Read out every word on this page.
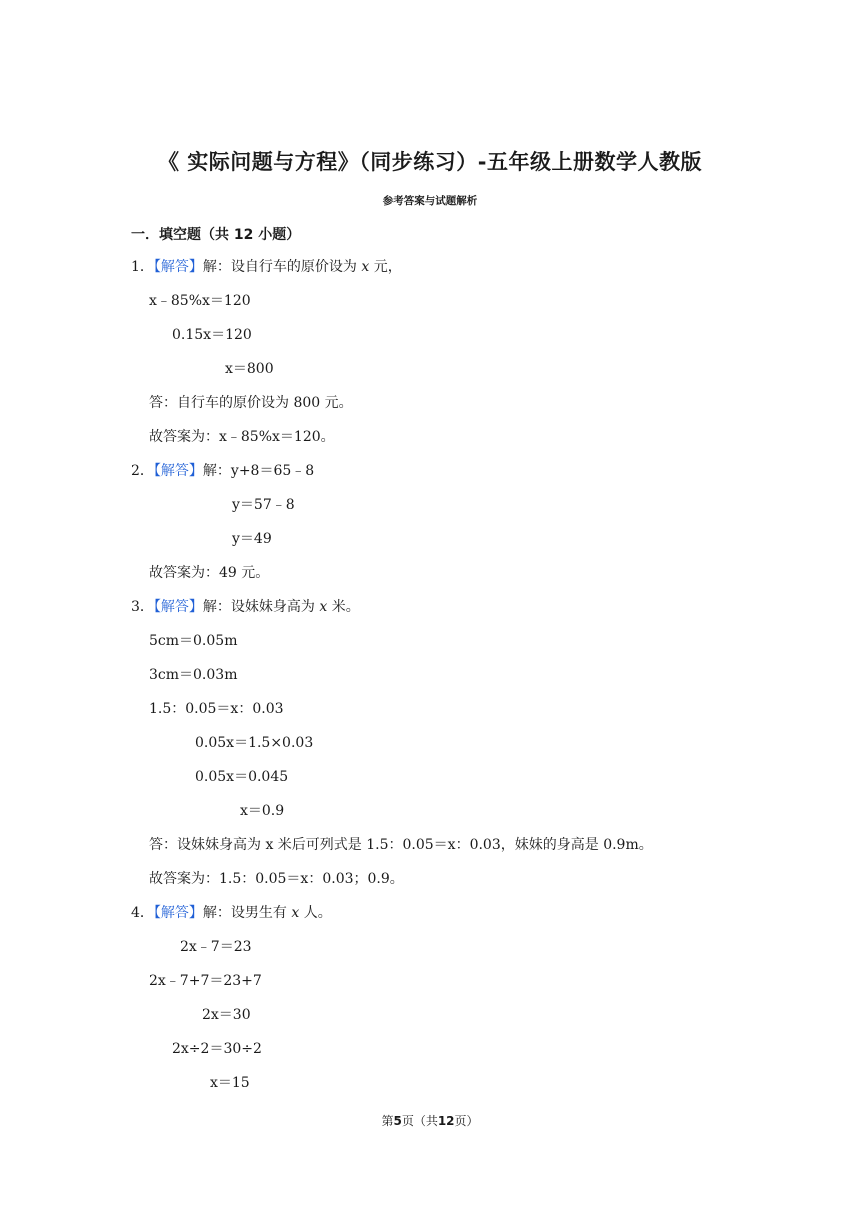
《 实际问题与方程》（同步练习）-五年级上册数学人教版
参考答案与试题解析
一．填空题（共 12 小题）
1．【解答】解：设自行车的原价设为 x 元，
x﹣85%x＝120
0.15x＝120
x＝800
答：自行车的原价设为 800 元。
故答案为：x﹣85%x＝120。
2．【解答】解：y+8＝65﹣8
y＝57﹣8
y＝49
故答案为：49 元。
3．【解答】解：设妹妹身高为 x 米。
5cm＝0.05m
3cm＝0.03m
1.5：0.05＝x：0.03
0.05x＝1.5×0.03
0.05x＝0.045
x＝0.9
答：设妹妹身高为 x 米后可列式是 1.5：0.05＝x：0.03，妹妹的身高是 0.9m。
故答案为：1.5：0.05＝x：0.03；0.9。
4．【解答】解：设男生有 x 人。
2x﹣7＝23
2x﹣7+7＝23+7
2x＝30
2x÷2＝30÷2
x＝15
第5页（共12页）
